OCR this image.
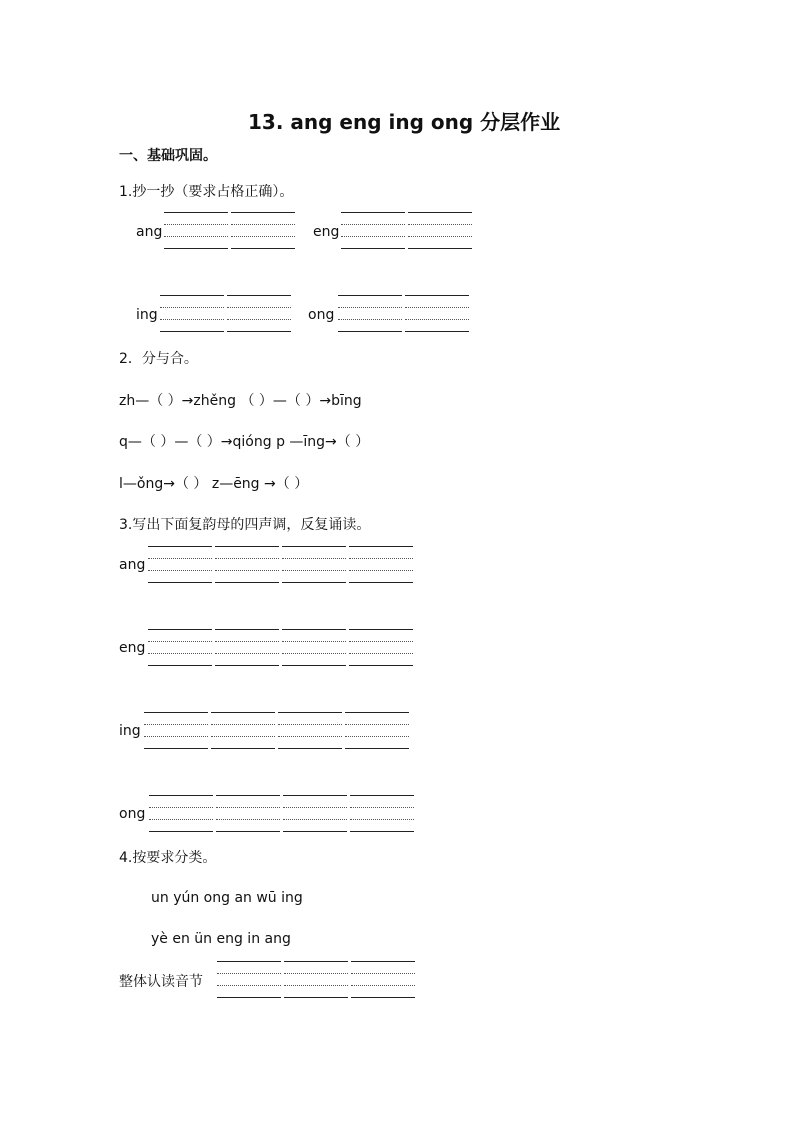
13. ang eng ing ong 分层作业
一、基础巩固。
1.抄一抄（要求占格正确）。
ang	eng
ing	ong
2．分与合。
zh—（ ）→zhěng （ ）—（ ）→bīng
q—（ ）—（ ）→qióng p —īng→（ ）
l—ǒng→（ ） z—ēng →（ ）
3.写出下面复韵母的四声调，反复诵读。
ang
eng
ing
ong
4.按要求分类。
un yún ong an wū ing
yè en ün eng in ang
整体认读音节
